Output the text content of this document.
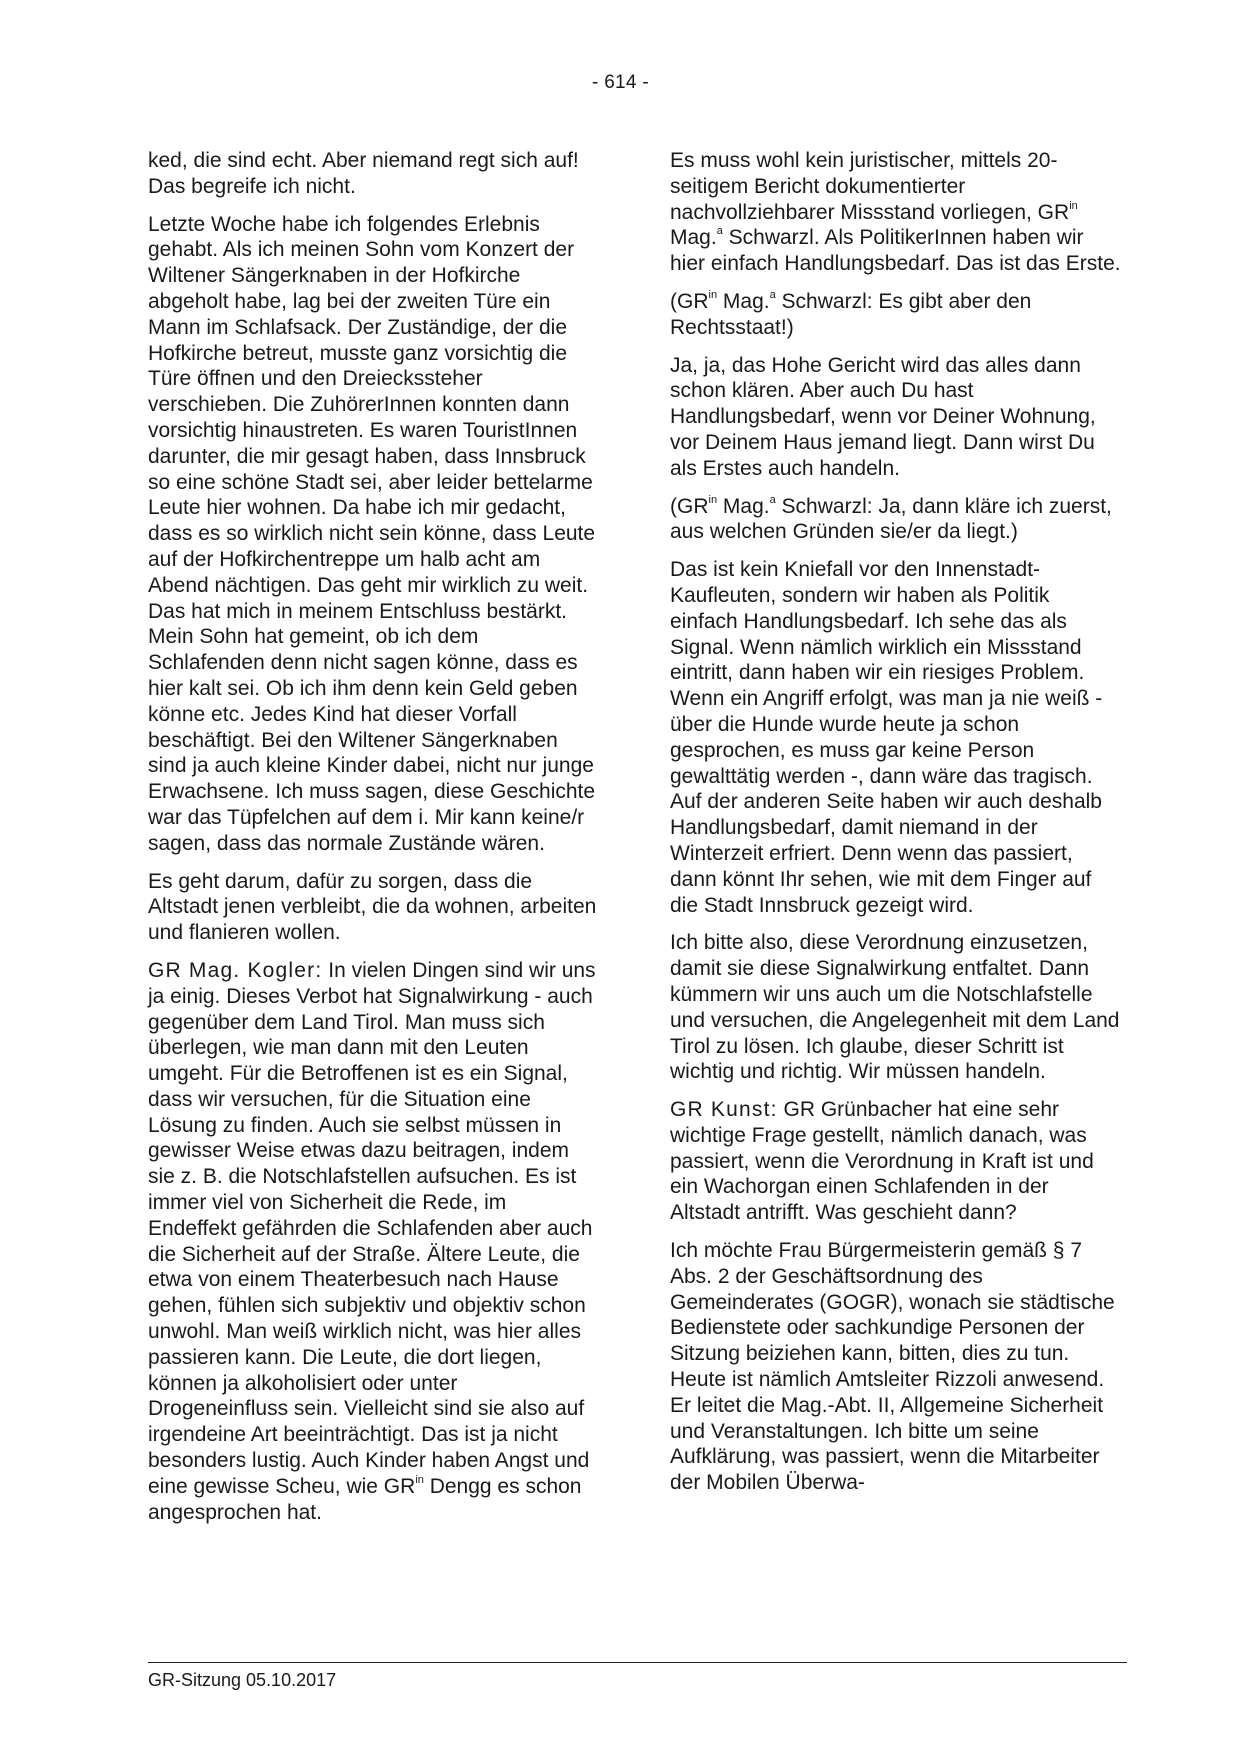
- 614 -

ked, die sind echt. Aber niemand regt sich auf! Das begreife ich nicht.

Letzte Woche habe ich folgendes Erlebnis gehabt. Als ich meinen Sohn vom Konzert der Wiltener Sängerknaben in der Hofkirche abgeholt habe, lag bei der zweiten Türe ein Mann im Schlafsack. Der Zuständige, der die Hofkirche betreut, musste ganz vorsichtig die Türe öffnen und den Dreieckssteher verschieben. Die ZuhörerInnen konnten dann vorsichtig hinaustreten. Es waren TouristInnen darunter, die mir gesagt haben, dass Innsbruck so eine schöne Stadt sei, aber leider bettelarme Leute hier wohnen. Da habe ich mir gedacht, dass es so wirklich nicht sein könne, dass Leute auf der Hofkirchentreppe um halb acht am Abend nächtigen. Das geht mir wirklich zu weit. Das hat mich in meinem Entschluss bestärkt. Mein Sohn hat gemeint, ob ich dem Schlafenden denn nicht sagen könne, dass es hier kalt sei. Ob ich ihm denn kein Geld geben könne etc. Jedes Kind hat dieser Vorfall beschäftigt. Bei den Wiltener Sängerknaben sind ja auch kleine Kinder dabei, nicht nur junge Erwachsene. Ich muss sagen, diese Geschichte war das Tüpfelchen auf dem i. Mir kann keine/r sagen, dass das normale Zustände wären.

Es geht darum, dafür zu sorgen, dass die Altstadt jenen verbleibt, die da wohnen, arbeiten und flanieren wollen.

GR Mag. Kogler: In vielen Dingen sind wir uns ja einig. Dieses Verbot hat Signalwirkung - auch gegenüber dem Land Tirol. Man muss sich überlegen, wie man dann mit den Leuten umgeht. Für die Betroffenen ist es ein Signal, dass wir versuchen, für die Situation eine Lösung zu finden. Auch sie selbst müssen in gewisser Weise etwas dazu beitragen, indem sie z. B. die Notschlafstellen aufsuchen. Es ist immer viel von Sicherheit die Rede, im Endeffekt gefährden die Schlafenden aber auch die Sicherheit auf der Straße. Ältere Leute, die etwa von einem Theaterbesuch nach Hause gehen, fühlen sich subjektiv und objektiv schon unwohl. Man weiß wirklich nicht, was hier alles passieren kann. Die Leute, die dort liegen, können ja alkoholisiert oder unter Drogeneinfluss sein. Vielleicht sind sie also auf irgendeine Art beeinträchtigt. Das ist ja nicht besonders lustig. Auch Kinder haben Angst und eine gewisse Scheu, wie $GR^{in}$ Dengg es schon angesprochen hat.

Es muss wohl kein juristischer, mittels 20-seitigem Bericht dokumentierter nachvollziehbarer Missstand vorliegen, $GR^{in}$ Mag.$^a$ Schwarzl. Als PolitikerInnen haben wir hier einfach Handlungsbedarf. Das ist das Erste.

($GR^{in}$ Mag.$^a$ Schwarzl: Es gibt aber den Rechtsstaat!)

Ja, ja, das Hohe Gericht wird das alles dann schon klären. Aber auch Du hast Handlungsbedarf, wenn vor Deiner Wohnung, vor Deinem Haus jemand liegt. Dann wirst Du als Erstes auch handeln.

($GR^{in}$ Mag.$^a$ Schwarzl: Ja, dann kläre ich zuerst, aus welchen Gründen sie/er da liegt.)

Das ist kein Kniefall vor den Innenstadt-Kaufleuten, sondern wir haben als Politik einfach Handlungsbedarf. Ich sehe das als Signal. Wenn nämlich wirklich ein Missstand eintritt, dann haben wir ein riesiges Problem. Wenn ein Angriff erfolgt, was man ja nie weiß - über die Hunde wurde heute ja schon gesprochen, es muss gar keine Person gewalttätig werden -, dann wäre das tragisch. Auf der anderen Seite haben wir auch deshalb Handlungsbedarf, damit niemand in der Winterzeit erfriert. Denn wenn das passiert, dann könnt Ihr sehen, wie mit dem Finger auf die Stadt Innsbruck gezeigt wird.

Ich bitte also, diese Verordnung einzusetzen, damit sie diese Signalwirkung entfaltet. Dann kümmern wir uns auch um die Notschlafstelle und versuchen, die Angelegenheit mit dem Land Tirol zu lösen. Ich glaube, dieser Schritt ist wichtig und richtig. Wir müssen handeln.

GR Kunst: GR Grünbacher hat eine sehr wichtige Frage gestellt, nämlich danach, was passiert, wenn die Verordnung in Kraft ist und ein Wachorgan einen Schlafenden in der Altstadt antrifft. Was geschieht dann?

Ich möchte Frau Bürgermeisterin gemäß § 7 Abs. 2 der Geschäftsordnung des Gemeinderates (GOGR), wonach sie städtische Bedienstete oder sachkundige Personen der Sitzung beiziehen kann, bitten, dies zu tun. Heute ist nämlich Amtsleiter Rizzoli anwesend. Er leitet die Mag.-Abt. II, Allgemeine Sicherheit und Veranstaltungen. Ich bitte um seine Aufklärung, was passiert, wenn die Mitarbeiter der Mobilen Überwa-

GR-Sitzung 05.10.2017
